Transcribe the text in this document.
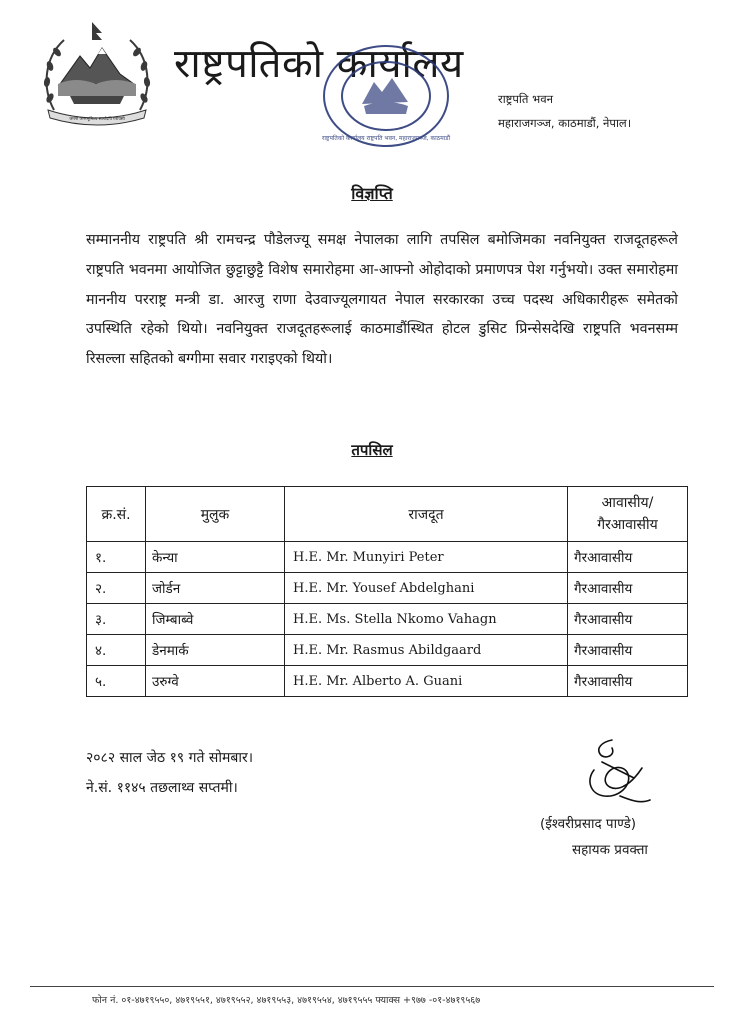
जननी जन्मभूमिश्च स्वर्गादपि गरीयसी
राष्ट्रपतिको कार्यालय
राष्ट्रपतिको कार्यालय राष्ट्रपति भवन, महाराजगञ्ज, काठमाडौं
राष्ट्रपति भवन
महाराजगञ्ज, काठमाडौं, नेपाल।
विज्ञप्ति
सम्माननीय राष्ट्रपति श्री रामचन्द्र पौडेलज्यू समक्ष नेपालका लागि तपसिल बमोजिमका नवनियुक्त राजदूतहरूले राष्ट्रपति भवनमा आयोजित छुट्टाछुट्टै विशेष समारोहमा आ-आफ्नो ओहोदाको प्रमाणपत्र पेश गर्नुभयो। उक्त समारोहमा माननीय परराष्ट्र मन्त्री डा. आरजु राणा देउवाज्यूलगायत नेपाल सरकारका उच्च पदस्थ अधिकारीहरू समेतको उपस्थिति रहेको थियो। नवनियुक्त राजदूतहरूलाई काठमाडौंस्थित होटल डुसिट प्रिन्सेसदेखि राष्ट्रपति भवनसम्म रिसल्ला सहितको बग्गीमा सवार गराइएको थियो।
तपसिल
क्र.सं.	मुलुक	राजदूत	आवासीय/
गैरआवासीय

१.	केन्या	H.E. Mr. Munyiri Peter	गैरआवासीय
२.	जोर्डन	H.E. Mr. Yousef Abdelghani	गैरआवासीय
३.	जिम्बाब्वे	H.E. Ms. Stella Nkomo Vahagn	गैरआवासीय
४.	डेनमार्क	H.E. Mr. Rasmus Abildgaard	गैरआवासीय
५.	उरुग्वे	H.E. Mr. Alberto A. Guani	गैरआवासीय
२०८२ साल जेठ १९ गते सोमबार।
ने.सं. ११४५ तछलाथ्व सप्तमी।
(ईश्वरीप्रसाद पाण्डे)
सहायक प्रवक्ता
फोन नं. ०१-४७१९५५०, ४७१९५५१, ४७१९५५२, ४७१९५५३, ४७१९५५४, ४७१९५५५ फ्याक्स +९७७ -०१-४७१९५६७
